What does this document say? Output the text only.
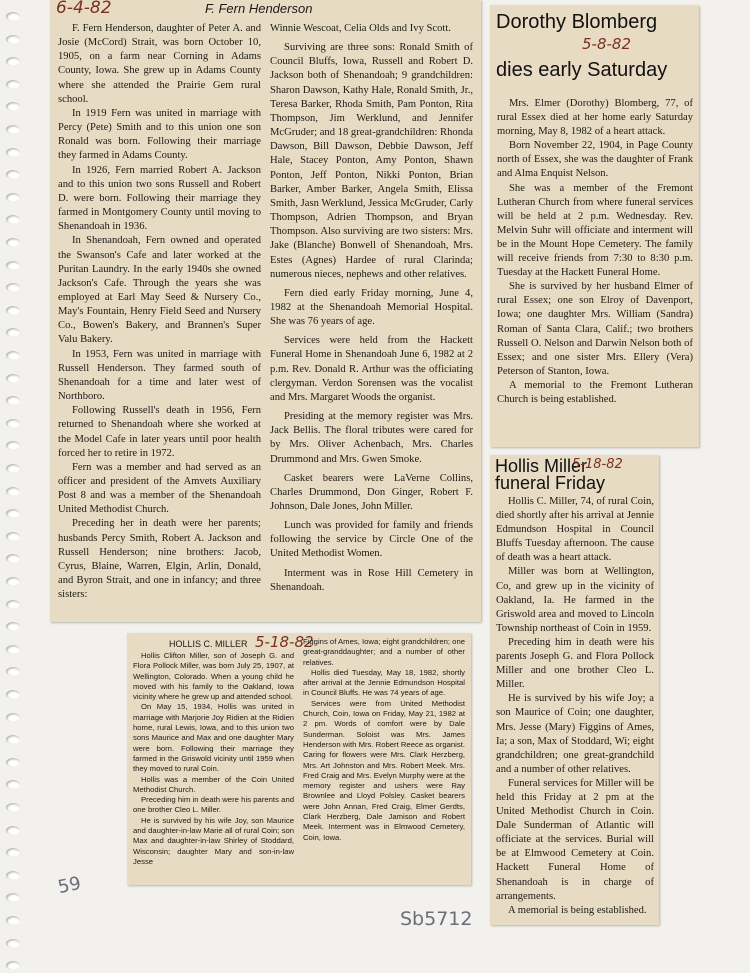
6-4-82	F. Fern Henderson

F. Fern Henderson, daughter of Peter A. and Josie (McCord) Strait, was born October 10, 1905, on a farm near Corning in Adams County, Iowa. She grew up in Adams County where she attended the Prairie Gem rural school.

In 1919 Fern was united in marriage with Percy (Pete) Smith and to this union one son Ronald was born. Following their marriage they farmed in Adams County.

In 1926, Fern married Robert A. Jackson and to this union two sons Russell and Robert D. were born. Following their marriage they farmed in Montgomery County until moving to Shenandoah in 1936.

In Shenandoah, Fern owned and operated the Swanson's Cafe and later worked at the Puritan Laundry. In the early 1940s she owned Jackson's Cafe. Through the years she was employed at Earl May Seed & Nursery Co., May's Fountain, Henry Field Seed and Nursery Co., Bowen's Bakery, and Brannen's Super Valu Bakery.

In 1953, Fern was united in marriage with Russell Henderson. They farmed south of Shenandoah for a time and later west of Northboro.

Following Russell's death in 1956, Fern returned to Shenandoah where she worked at the Model Cafe in later years until poor health forced her to retire in 1972.

Fern was a member and had served as an officer and president of the Amvets Auxiliary Post 8 and was a member of the Shenandoah United Methodist Church.

Preceding her in death were her parents; husbands Percy Smith, Robert A. Jackson and Russell Henderson; nine brothers: Jacob, Cyrus, Blaine, Warren, Elgin, Arlin, Donald, and Byron Strait, and one in infancy; and three sisters:

Winnie Wescoat, Celia Olds and Ivy Scott.

Surviving are three sons: Ronald Smith of Council Bluffs, Iowa, Russell and Robert D. Jackson both of Shenandoah; 9 grandchildren: Sharon Dawson, Kathy Hale, Ronald Smith, Jr., Teresa Barker, Rhoda Smith, Pam Ponton, Rita Thompson, Jim Werklund, and Jennifer McGruder; and 18 great-grandchildren: Rhonda Dawson, Bill Dawson, Debbie Dawson, Jeff Hale, Stacey Ponton, Amy Ponton, Shawn Ponton, Jeff Ponton, Nikki Ponton, Brian Barker, Amber Barker, Angela Smith, Elissa Smith, Jasn Werklund, Jessica McGruder, Carly Thompson, Adrien Thompson, and Bryan Thompson. Also surviving are two sisters: Mrs. Jake (Blanche) Bonwell of Shenandoah, Mrs. Estes (Agnes) Hardee of rural Clarinda; numerous nieces, nephews and other relatives.

Fern died early Friday morning, June 4, 1982 at the Shenandoah Memorial Hospital. She was 76 years of age.

Services were held from the Hackett Funeral Home in Shenandoah June 6, 1982 at 2 p.m. Rev. Donald R. Arthur was the officiating clergyman. Verdon Sorensen was the vocalist and Mrs. Margaret Woods the organist.

Presiding at the memory register was Mrs. Jack Bellis. The floral tributes were cared for by Mrs. Oliver Achenbach, Mrs. Charles Drummond and Mrs. Gwen Smoke.

Casket bearers were LaVerne Collins, Charles Drummond, Don Ginger, Robert F. Johnson, Dale Jones, John Miller.

Lunch was provided for family and friends following the service by Circle One of the United Methodist Women.

Interment was in Rose Hill Cemetery in Shenandoah.

Dorothy Blomberg
dies early Saturday
5-8-82

Mrs. Elmer (Dorothy) Blomberg, 77, of rural Essex died at her home early Saturday morning, May 8, 1982 of a heart attack.

Born November 22, 1904, in Page County north of Essex, she was the daughter of Frank and Alma Enquist Nelson.

She was a member of the Fremont Lutheran Church from where funeral services will be held at 2 p.m. Wednesday. Rev. Melvin Suhr will officiate and interment will be in the Mount Hope Cemetery. The family will receive friends from 7:30 to 8:30 p.m. Tuesday at the Hackett Funeral Home.

She is survived by her husband Elmer of rural Essex; one son Elroy of Davenport, Iowa; one daughter Mrs. William (Sandra) Roman of Santa Clara, Calif.; two brothers Russell O. Nelson and Darwin Nelson both of Essex; and one sister Mrs. Ellery (Vera) Peterson of Stanton, Iowa.

A memorial to the Fremont Lutheran Church is being established.

Hollis Miller
funeral Friday
5-18-82

Hollis C. Miller, 74, of rural Coin, died shortly after his arrival at Jennie Edmundson Hospital in Council Bluffs Tuesday afternoon. The cause of death was a heart attack.

Miller was born at Wellington, Co, and grew up in the vicinity of Oakland, Ia. He farmed in the Griswold area and moved to Lincoln Township northeast of Coin in 1959.

Preceding him in death were his parents Joseph G. and Flora Pollock Miller and one brother Cleo L. Miller.

He is survived by his wife Joy; a son Maurice of Coin; one daughter, Mrs. Jesse (Mary) Figgins of Ames, Ia; a son, Max of Stoddard, Wi; eight grandchildren; one great-grandchild and a number of other relatives.

Funeral services for Miller will be held this Friday at 2 pm at the United Methodist Church in Coin. Dale Sunderman of Atlantic will officiate at the services. Burial will be at Elmwood Cemetery at Coin. Hackett Funeral Home of Shenandoah is in charge of arrangements.

A memorial is being established.

HOLLIS C. MILLER 5-18-82

Hollis Clifton Miller, son of Joseph G. and Flora Pollock Miller, was born July 25, 1907, at Wellington, Colorado. When a young child he moved with his family to the Oakland, Iowa vicinity where he grew up and attended school.

On May 15, 1934, Hollis was united in marriage with Marjorie Joy Ridien at the Ridien home, rural Lewis, Iowa, and to this union two sons Maurice and Max and one daughter Mary were born. Following their marriage they farmed in the Griswold vicinity until 1959 when they moved to rural Coin.

Hollis was a member of the Coin United Methodist Church.

Preceding him in death were his parents and one brother Cleo L. Miller.

He is survived by his wife Joy, son Maurice and daughter-in-law Marie all of rural Coin; son Max and daughter-in-law Shirley of Stoddard, Wisconsin; daughter Mary and son-in-law Jesse

Figgins of Ames, Iowa; eight grandchildren; one great-granddaughter; and a number of other relatives.

Hollis died Tuesday, May 18, 1982, shortly after arrival at the Jennie Edmundson Hospital in Council Bluffs. He was 74 years of age.

Services were from United Methodist Church, Coin, Iowa on Friday, May 21, 1982 at 2 pm. Words of comfort were by Dale Sunderman. Soloist was Mrs. James Henderson with Mrs. Robert Reece as organist. Caring for flowers were Mrs. Clark Herzberg, Mrs. Art Johnston and Mrs. Robert Meek. Mrs. Fred Craig and Mrs. Evelyn Murphy were at the memory register and ushers were Ray Brownlee and Lloyd Polsley. Casket bearers were John Annan, Fred Craig, Elmer Gerdts, Clark Herzberg, Dale Jamison and Robert Meek. Interment was in Elmwood Cemetery, Coin, Iowa.

59
Sb5712
